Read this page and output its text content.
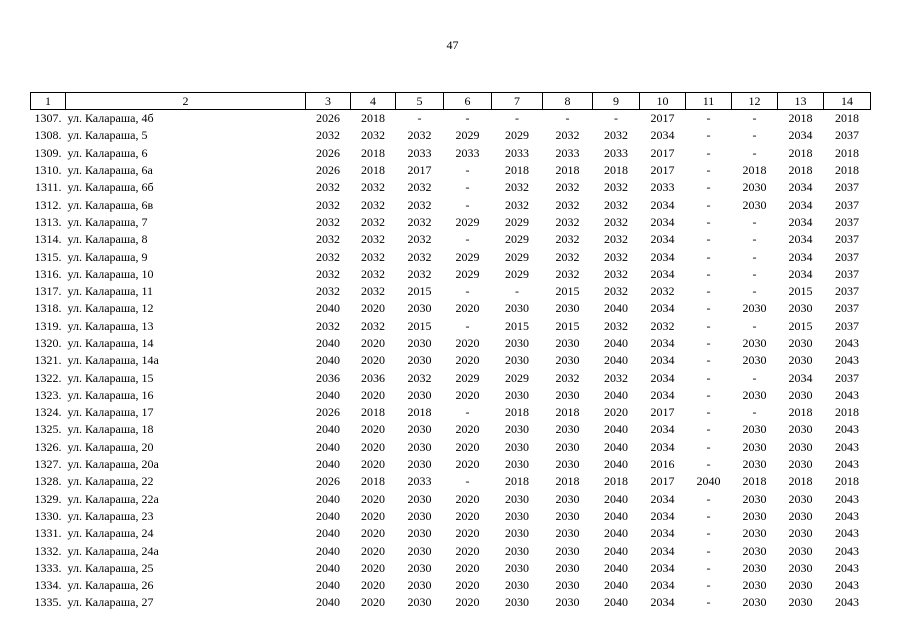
47
1	2	3	4	5	6	7	8	9	10	11	12	13	14
1307.	ул. Калараша, 4б	2026	2018	-	-	-	-	-	2017	-	-	2018	2018
1308.	ул. Калараша, 5	2032	2032	2032	2029	2029	2032	2032	2034	-	-	2034	2037
1309.	ул. Калараша, 6	2026	2018	2033	2033	2033	2033	2033	2017	-	-	2018	2018
1310.	ул. Калараша, 6а	2026	2018	2017	-	2018	2018	2018	2017	-	2018	2018	2018
1311.	ул. Калараша, 6б	2032	2032	2032	-	2032	2032	2032	2033	-	2030	2034	2037
1312.	ул. Калараша, 6в	2032	2032	2032	-	2032	2032	2032	2034	-	2030	2034	2037
1313.	ул. Калараша, 7	2032	2032	2032	2029	2029	2032	2032	2034	-	-	2034	2037
1314.	ул. Калараша, 8	2032	2032	2032	-	2029	2032	2032	2034	-	-	2034	2037
1315.	ул. Калараша, 9	2032	2032	2032	2029	2029	2032	2032	2034	-	-	2034	2037
1316.	ул. Калараша, 10	2032	2032	2032	2029	2029	2032	2032	2034	-	-	2034	2037
1317.	ул. Калараша, 11	2032	2032	2015	-	-	2015	2032	2032	-	-	2015	2037
1318.	ул. Калараша, 12	2040	2020	2030	2020	2030	2030	2040	2034	-	2030	2030	2037
1319.	ул. Калараша, 13	2032	2032	2015	-	2015	2015	2032	2032	-	-	2015	2037
1320.	ул. Калараша, 14	2040	2020	2030	2020	2030	2030	2040	2034	-	2030	2030	2043
1321.	ул. Калараша, 14а	2040	2020	2030	2020	2030	2030	2040	2034	-	2030	2030	2043
1322.	ул. Калараша, 15	2036	2036	2032	2029	2029	2032	2032	2034	-	-	2034	2037
1323.	ул. Калараша, 16	2040	2020	2030	2020	2030	2030	2040	2034	-	2030	2030	2043
1324.	ул. Калараша, 17	2026	2018	2018	-	2018	2018	2020	2017	-	-	2018	2018
1325.	ул. Калараша, 18	2040	2020	2030	2020	2030	2030	2040	2034	-	2030	2030	2043
1326.	ул. Калараша, 20	2040	2020	2030	2020	2030	2030	2040	2034	-	2030	2030	2043
1327.	ул. Калараша, 20а	2040	2020	2030	2020	2030	2030	2040	2016	-	2030	2030	2043
1328.	ул. Калараша, 22	2026	2018	2033	-	2018	2018	2018	2017	2040	2018	2018	2018
1329.	ул. Калараша, 22а	2040	2020	2030	2020	2030	2030	2040	2034	-	2030	2030	2043
1330.	ул. Калараша, 23	2040	2020	2030	2020	2030	2030	2040	2034	-	2030	2030	2043
1331.	ул. Калараша, 24	2040	2020	2030	2020	2030	2030	2040	2034	-	2030	2030	2043
1332.	ул. Калараша, 24а	2040	2020	2030	2020	2030	2030	2040	2034	-	2030	2030	2043
1333.	ул. Калараша, 25	2040	2020	2030	2020	2030	2030	2040	2034	-	2030	2030	2043
1334.	ул. Калараша, 26	2040	2020	2030	2020	2030	2030	2040	2034	-	2030	2030	2043
1335.	ул. Калараша, 27	2040	2020	2030	2020	2030	2030	2040	2034	-	2030	2030	2043
